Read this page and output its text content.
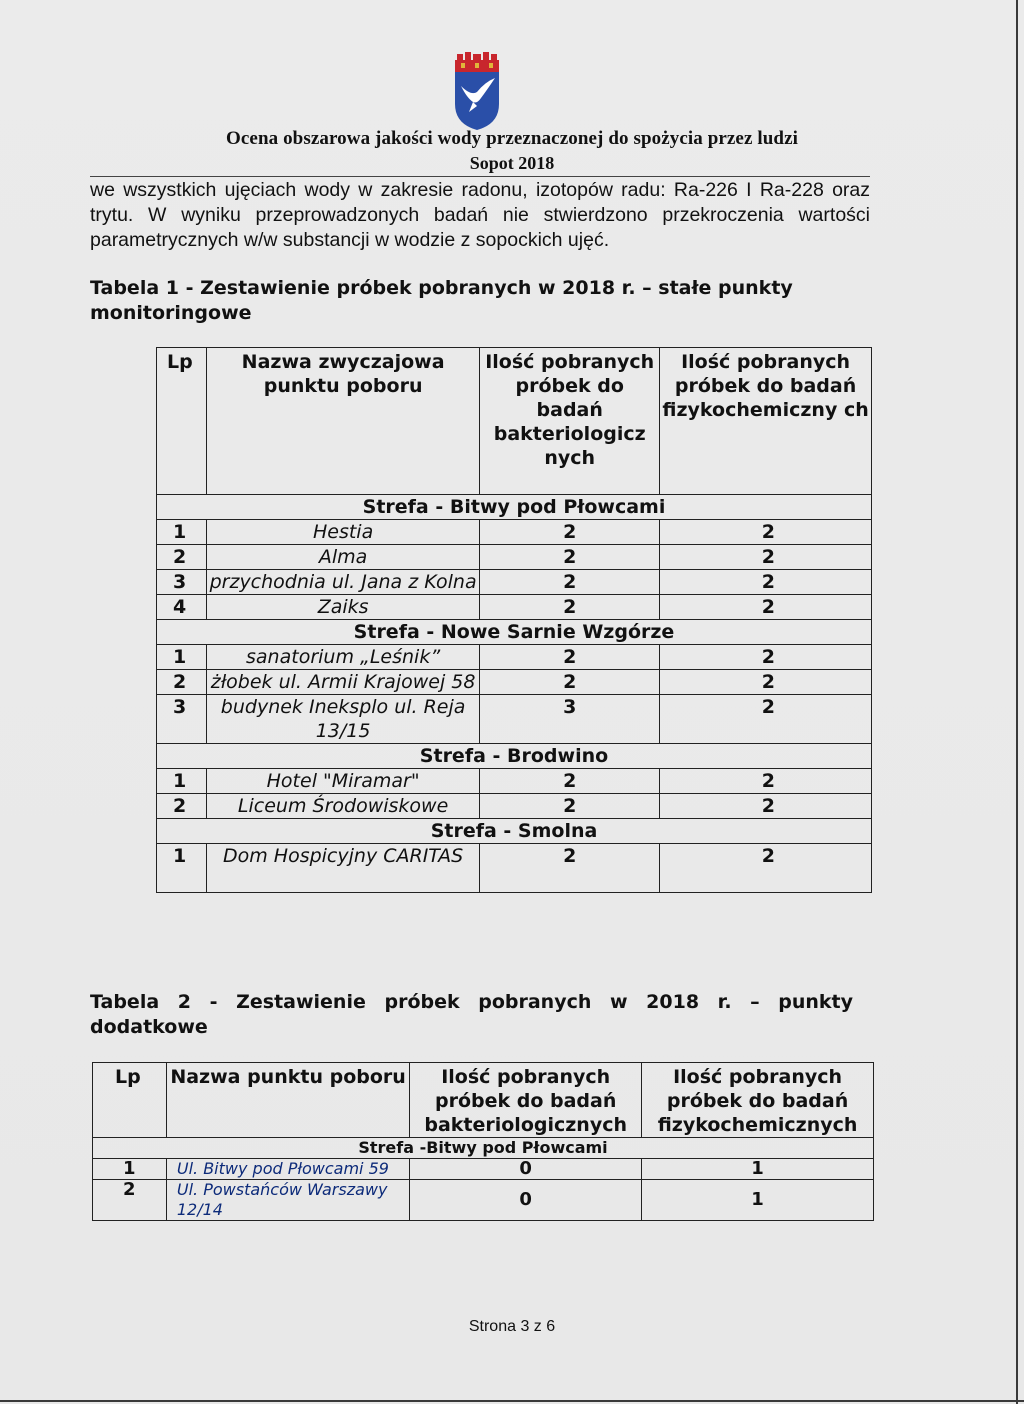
Ocena obszarowa jakości wody przeznaczonej do spożycia przez ludzi
Sopot 2018

we wszystkich ujęciach wody w zakresie radonu, izotopów radu: Ra-226 I Ra-228 oraz trytu. W wyniku przeprowadzonych badań nie stwierdzono przekroczenia wartości parametrycznych w/w substancji w wodzie z sopockich ujęć.

Tabela 1 - Zestawienie próbek pobranych w 2018 r. – stałe punkty monitoringowe
Lp	Nazwa zwyczajowa punktu poboru	Ilość pobranych próbek do badań bakteriologicz nych	Ilość pobranych próbek do badań fizykochemiczny ch
Strefa - Bitwy pod Płowcami			
1	Hestia	2	2
2	Alma	2	2
3	przychodnia ul. Jana z Kolna	2	2
4	Zaiks	2	2
Strefa - Nowe Sarnie Wzgórze			
1	sanatorium „Leśnik”	2	2
2	żłobek ul. Armii Krajowej 58	2	2
3	budynek Ineksplo ul. Reja 13/15	3	2
Strefa - Brodwino			
1	Hotel "Miramar"	2	2
2	Liceum Środowiskowe	2	2
Strefa - Smolna			
1	Dom Hospicyjny CARITAS	2	2
Tabela 2 - Zestawienie próbek pobranych w 2018 r. – punkty dodatkowe
Lp	Nazwa punktu poboru	Ilość pobranych próbek do badań bakteriologicznych	Ilość pobranych próbek do badań fizykochemicznych
Strefa -Bitwy pod Płowcami			
1	Ul. Bitwy pod Płowcami 59	0	1
2	Ul. Powstańców Warszawy 12/14	0	1
Strona 3 z 6
